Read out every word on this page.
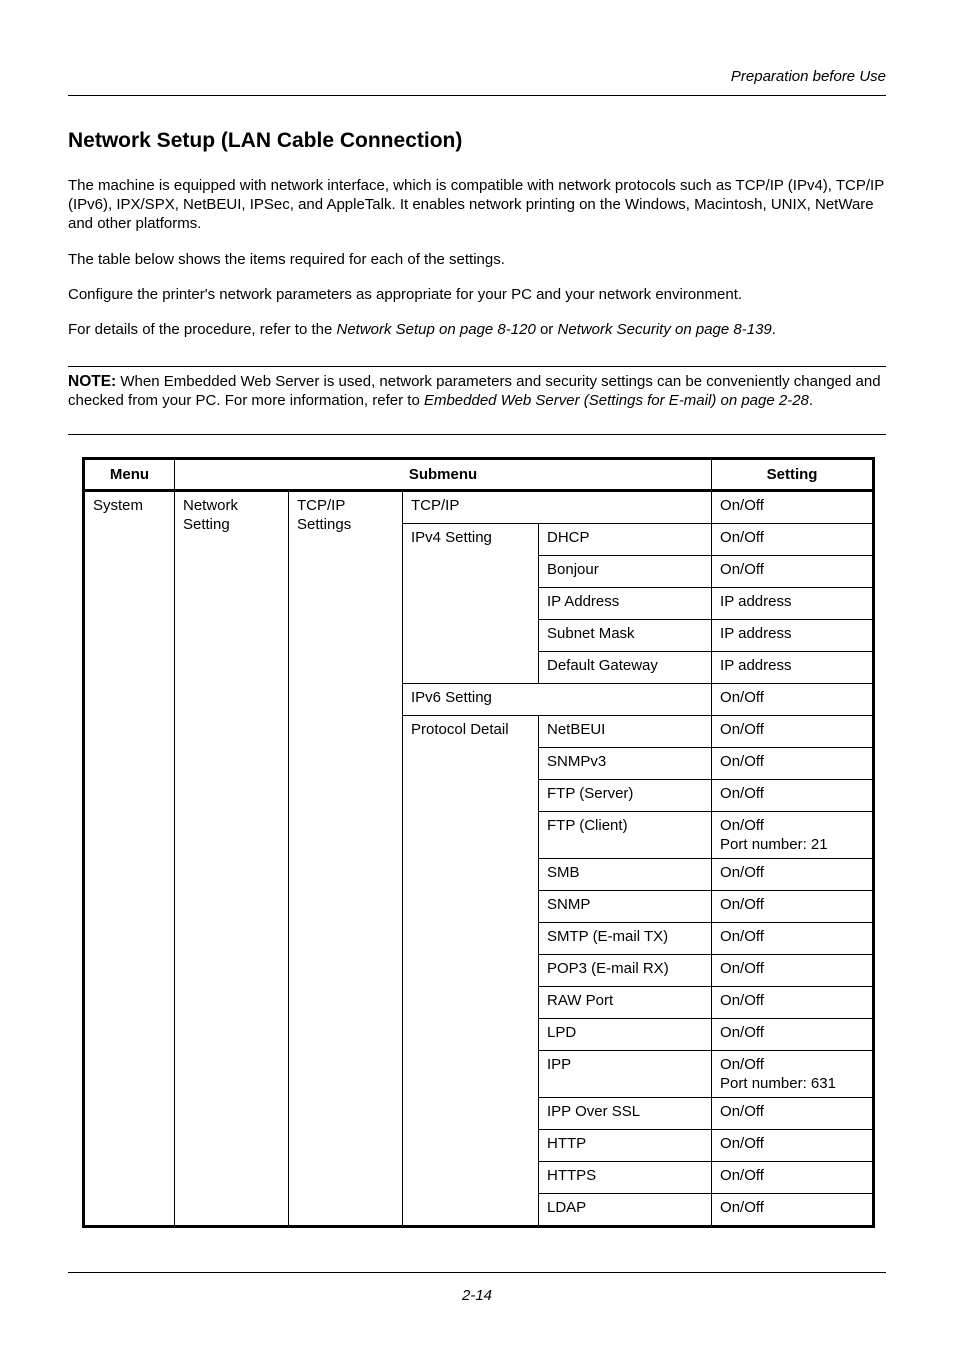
Preparation before Use
Network Setup (LAN Cable Connection)

The machine is equipped with network interface, which is compatible with network protocols such as TCP/IP (IPv4), TCP/IP (IPv6), IPX/SPX, NetBEUI, IPSec, and AppleTalk. It enables network printing on the Windows, Macintosh, UNIX, NetWare and other platforms.

The table below shows the items required for each of the settings.

Configure the printer's network parameters as appropriate for your PC and your network environment.

For details of the procedure, refer to the Network Setup on page 8-120 or Network Security on page 8-139.

NOTE: When Embedded Web Server is used, network parameters and security settings can be conveniently changed and checked from your PC. For more information, refer to Embedded Web Server (Settings for E-mail) on page 2-28.

Menu	Submenu				Setting
System	Network Setting	TCP/IP Settings	TCP/IP		On/Off
			IPv4 Setting	DHCP	On/Off
				Bonjour	On/Off
				IP Address	IP address
				Subnet Mask	IP address
				Default Gateway	IP address
			IPv6 Setting		On/Off
			Protocol Detail	NetBEUI	On/Off
				SNMPv3	On/Off
				FTP (Server)	On/Off
				FTP (Client)	On/Off
Port number: 21

				SMB	On/Off
				SNMP	On/Off
				SMTP (E-mail TX)	On/Off
				POP3 (E-mail RX)	On/Off
				RAW Port	On/Off
				LPD	On/Off
				IPP	On/Off
Port number: 631

				IPP Over SSL	On/Off
				HTTP	On/Off
				HTTPS	On/Off
				LDAP	On/Off
2-14
